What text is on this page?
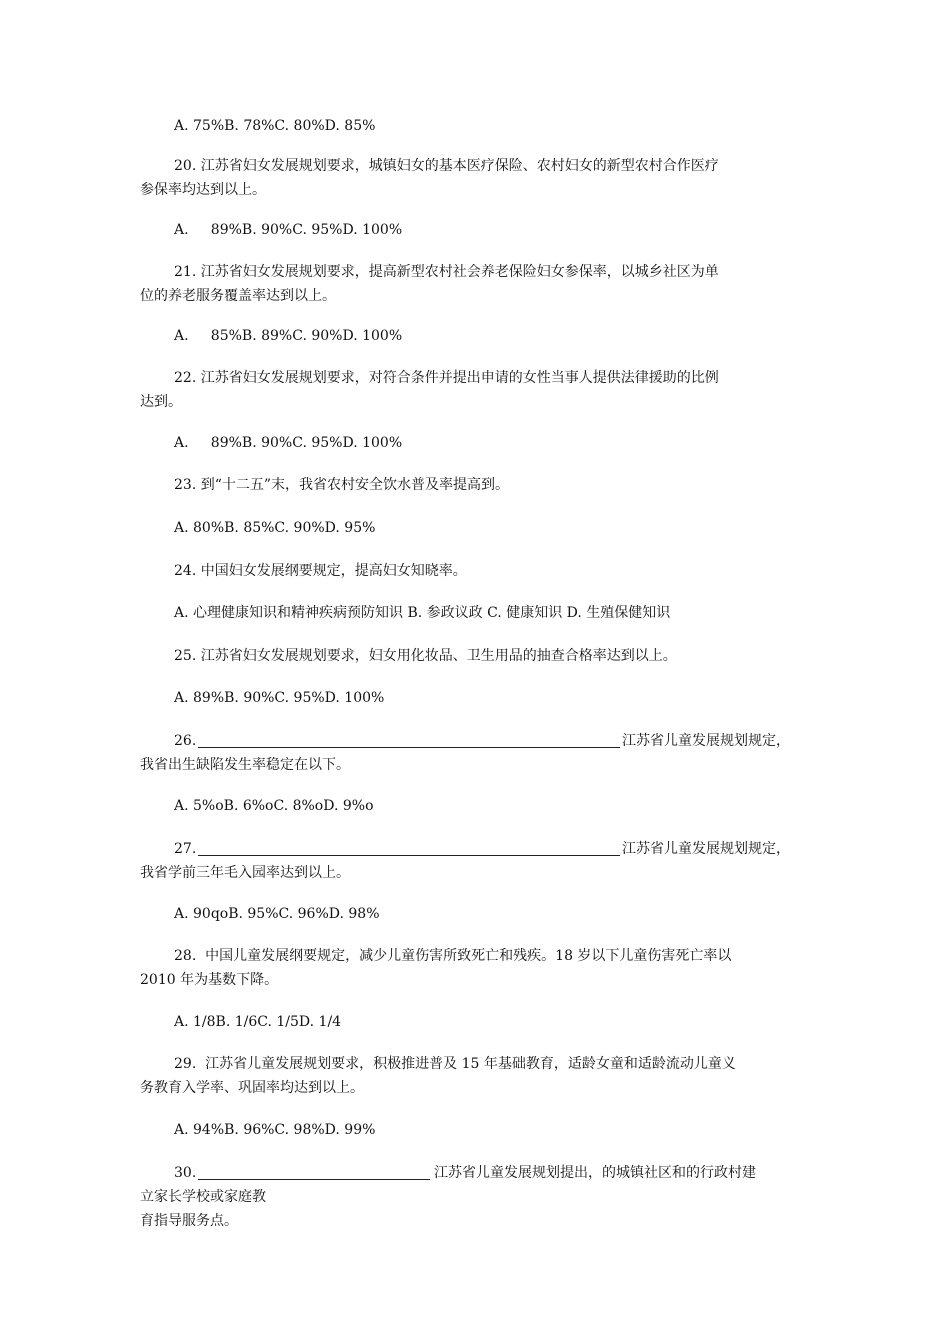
A. 75%B. 78%C. 80%D. 85%
20. 江苏省妇女发展规划要求，城镇妇女的基本医疗保险、农村妇女的新型农村合作医疗
参保率均达到以上。
A.     89%B. 90%C. 95%D. 100%
21. 江苏省妇女发展规划要求，提高新型农村社会养老保险妇女参保率，以城乡社区为单
位的养老服务覆盖率达到以上。
A.     85%B. 89%C. 90%D. 100%
22. 江苏省妇女发展规划要求，对符合条件并提出申请的女性当事人提供法律援助的比例
达到。
A.     89%B. 90%C. 95%D. 100%
23. 到“十二五”末，我省农村安全饮水普及率提高到。
A. 80%B. 85%C. 90%D. 95%
24. 中国妇女发展纲要规定，提高妇女知晓率。
A. 心理健康知识和精神疾病预防知识 B. 参政议政 C. 健康知识 D. 生殖保健知识
25. 江苏省妇女发展规划要求，妇女用化妆品、卫生用品的抽查合格率达到以上。
A. 89%B. 90%C. 95%D. 100%
26.	江苏省儿童发展规划规定，
我省出生缺陷发生率稳定在以下。
A. 5%oB. 6%oC. 8%oD. 9%o
27.	江苏省儿童发展规划规定，
我省学前三年毛入园率达到以上。
A. 90qoB. 95%C. 96%D. 98%
28.  中国儿童发展纲要规定，减少儿童伤害所致死亡和残疾。18 岁以下儿童伤害死亡率以
2010 年为基数下降。
A. 1/8B. 1/6C. 1/5D. 1/4
29.  江苏省儿童发展规划要求，积极推进普及 15 年基础教育，适龄女童和适龄流动儿童义
务教育入学率、巩固率均达到以上。
A. 94%B. 96%C. 98%D. 99%
30.	江苏省儿童发展规划提出，的城镇社区和的行政村建
立家长学校或家庭教
育指导服务点。
